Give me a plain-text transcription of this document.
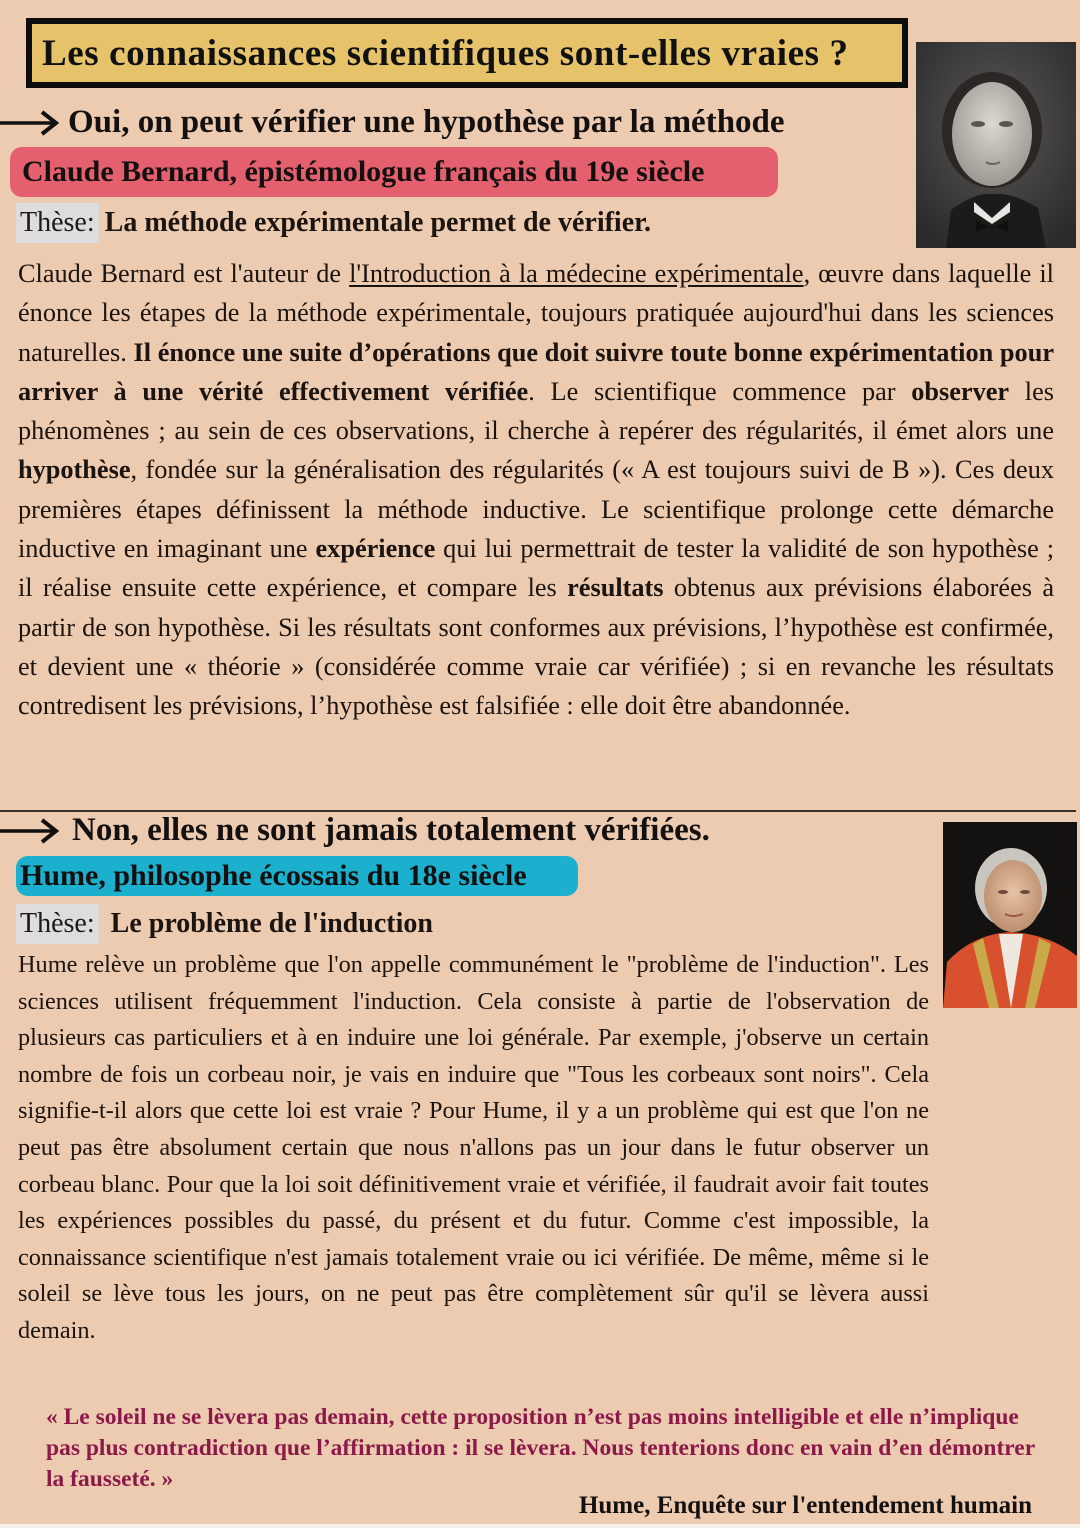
Les connaissances scientifiques sont-elles vraies ?
Oui, on peut vérifier une hypothèse par la méthode
Claude Bernard, épistémologue français du 19e siècle
Thèse: La méthode expérimentale permet de vérifier.
Claude Bernard est l'auteur de l'Introduction à la médecine expérimentale, œuvre dans laquelle il énonce les étapes de la méthode expérimentale, toujours pratiquée aujourd'hui dans les sciences naturelles. Il énonce une suite d’opérations que doit suivre toute bonne expérimentation pour arriver à une vérité effectivement vérifiée. Le scientifique commence par observer les phénomènes ; au sein de ces observations, il cherche à repérer des régularités, il émet alors une hypothèse, fondée sur la généralisation des régularités (« A est toujours suivi de B »). Ces deux premières étapes définissent la méthode inductive. Le scientifique prolonge cette démarche inductive en imaginant une expérience qui lui permettrait de tester la validité de son hypothèse ; il réalise ensuite cette expérience, et compare les résultats obtenus aux prévisions élaborées à partir de son hypothèse. Si les résultats sont conformes aux prévisions, l’hypothèse est confirmée, et devient une « théorie » (considérée comme vraie car vérifiée) ; si en revanche les résultats contredisent les prévisions, l’hypothèse est falsifiée : elle doit être abandonnée.
Non, elles ne sont jamais totalement vérifiées.
Hume, philosophe écossais du 18e siècle
Thèse: Le problème de l'induction
Hume relève un problème que l'on appelle communément le "problème de l'induction". Les sciences utilisent fréquemment l'induction. Cela consiste à partie de l'observation de plusieurs cas particuliers et à en induire une loi générale. Par exemple, j'observe un certain nombre de fois un corbeau noir, je vais en induire que "Tous les corbeaux sont noirs". Cela signifie-t-il alors que cette loi est vraie ? Pour Hume, il y a un problème qui est que l'on ne peut pas être absolument certain que nous n'allons pas un jour dans le futur observer un corbeau blanc. Pour que la loi soit définitivement vraie et vérifiée, il faudrait avoir fait toutes les expériences possibles du passé, du présent et du futur. Comme c'est impossible, la connaissance scientifique n'est jamais totalement vraie ou ici vérifiée. De même, même si le soleil se lève tous les jours, on ne peut pas être complètement sûr qu'il se lèvera aussi demain.
« Le soleil ne se lèvera pas demain, cette proposition n’est pas moins intelligible et elle n’implique pas plus contradiction que l’affirmation : il se lèvera. Nous tenterions donc en vain d’en démontrer la fausseté. »
Hume, Enquête sur l'entendement humain
